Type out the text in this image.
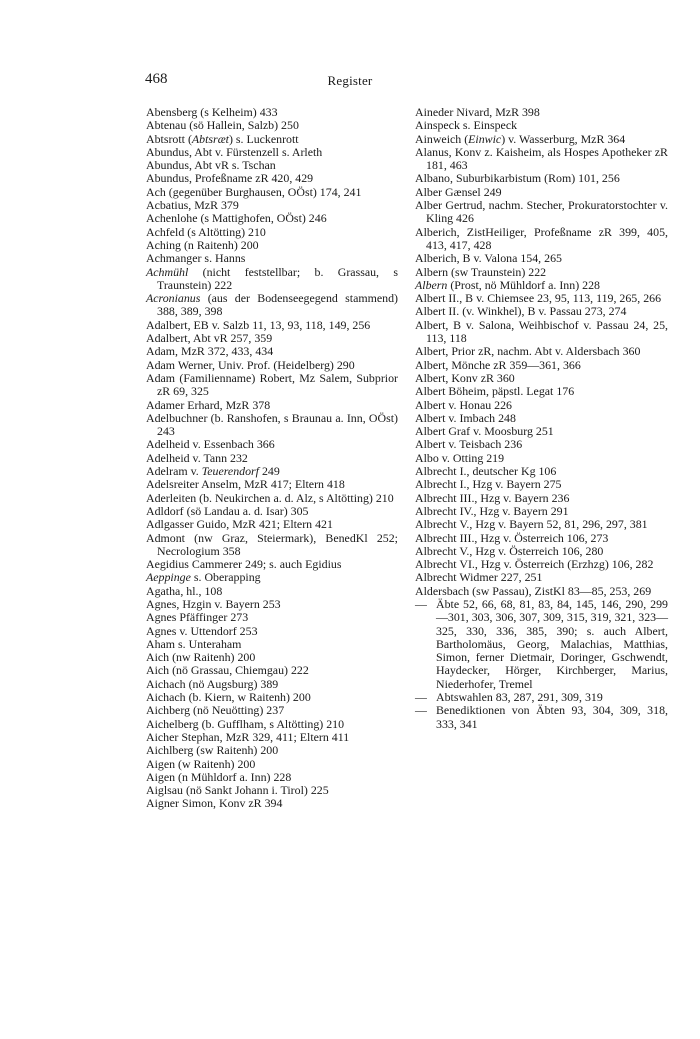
468	Register
Abensberg (s Kelheim) 433
Abtenau (sö Hallein, Salzb) 250
Abtsrott (Abtsræt) s. Luckenrott
Abundus, Abt v. Fürstenzell s. Arleth
Abundus, Abt vR s. Tschan
Abundus, Profeßname zR 420, 429
Ach (gegenüber Burghausen, OÖst) 174, 241
Acbatius, MzR 379
Achenlohe (s Mattighofen, OÖst) 246
Achfeld (s Altötting) 210
Aching (n Raitenh) 200
Achmanger s. Hanns
Achmühl (nicht feststellbar; b. Grassau, s Traunstein) 222
Acronianus (aus der Bodenseegegend stammend) 388, 389, 398
Adalbert, EB v. Salzb 11, 13, 93, 118, 149, 256
Adalbert, Abt vR 257, 359
Adam, MzR 372, 433, 434
Adam Werner, Univ. Prof. (Heidelberg) 290
Adam (Familienname) Robert, Mz Salem, Subprior zR 69, 325
Adamer Erhard, MzR 378
Adelbuchner (b. Ranshofen, s Braunau a. Inn, OÖst) 243
Adelheid v. Essenbach 366
Adelheid v. Tann 232
Adelram v. Teuerendorf 249
Adelsreiter Anselm, MzR 417; Eltern 418
Aderleiten (b. Neukirchen a. d. Alz, s Altötting) 210
Adldorf (sö Landau a. d. Isar) 305
Adlgasser Guido, MzR 421; Eltern 421
Admont (nw Graz, Steiermark), BenedKl 252; Necrologium 358
Aegidius Cammerer 249; s. auch Egidius
Aeppinge s. Oberapping
Agatha, hl., 108
Agnes, Hzgin v. Bayern 253
Agnes Pfäffinger 273
Agnes v. Uttendorf 253
Aham s. Unteraham
Aich (nw Raitenh) 200
Aich (nö Grassau, Chiemgau) 222
Aichach (nö Augsburg) 389
Aichach (b. Kiern, w Raitenh) 200
Aichberg (nö Neuötting) 237
Aichelberg (b. Gufflham, s Altötting) 210
Aicher Stephan, MzR 329, 411; Eltern 411
Aichlberg (sw Raitenh) 200
Aigen (w Raitenh) 200
Aigen (n Mühldorf a. Inn) 228
Aiglsau (nö Sankt Johann i. Tirol) 225
Aigner Simon, Konv zR 394
Aineder Nivard, MzR 398
Ainspeck s. Einspeck
Ainweich (Einwic) v. Wasserburg, MzR 364
Alanus, Konv z. Kaisheim, als Hospes Apotheker zR 181, 463
Albano, Suburbikarbistum (Rom) 101, 256
Alber Gænsel 249
Alber Gertrud, nachm. Stecher, Prokuratorstochter v. Kling 426
Alberich, ZistHeiliger, Profeßname zR 399, 405, 413, 417, 428
Alberich, B v. Valona 154, 265
Albern (sw Traunstein) 222
Albern (Prost, nö Mühldorf a. Inn) 228
Albert II., B v. Chiemsee 23, 95, 113, 119, 265, 266
Albert II. (v. Winkhel), B v. Passau 273, 274
Albert, B v. Salona, Weihbischof v. Passau 24, 25, 113, 118
Albert, Prior zR, nachm. Abt v. Aldersbach 360
Albert, Mönche zR 359—361, 366
Albert, Konv zR 360
Albert Böheim, päpstl. Legat 176
Albert v. Honau 226
Albert v. Imbach 248
Albert Graf v. Moosburg 251
Albert v. Teisbach 236
Albo v. Otting 219
Albrecht I., deutscher Kg 106
Albrecht I., Hzg v. Bayern 275
Albrecht III., Hzg v. Bayern 236
Albrecht IV., Hzg v. Bayern 291
Albrecht V., Hzg v. Bayern 52, 81, 296, 297, 381
Albrecht III., Hzg v. Österreich 106, 273
Albrecht V., Hzg v. Österreich 106, 280
Albrecht VI., Hzg v. Österreich (Erzhzg) 106, 282
Albrecht Widmer 227, 251
Aldersbach (sw Passau), ZistKl 83—85, 253, 269
— Äbte 52, 66, 68, 81, 83, 84, 145, 146, 290, 299—301, 303, 306, 307, 309, 315, 319, 321, 323—325, 330, 336, 385, 390; s. auch Albert, Bartholomäus, Georg, Malachias, Matthias, Simon, ferner Dietmair, Doringer, Gschwendt, Haydecker, Hörger, Kirchberger, Marius, Niederhofer, Tremel
— Abtswahlen 83, 287, 291, 309, 319
— Benediktionen von Äbten 93, 304, 309, 318, 333, 341
